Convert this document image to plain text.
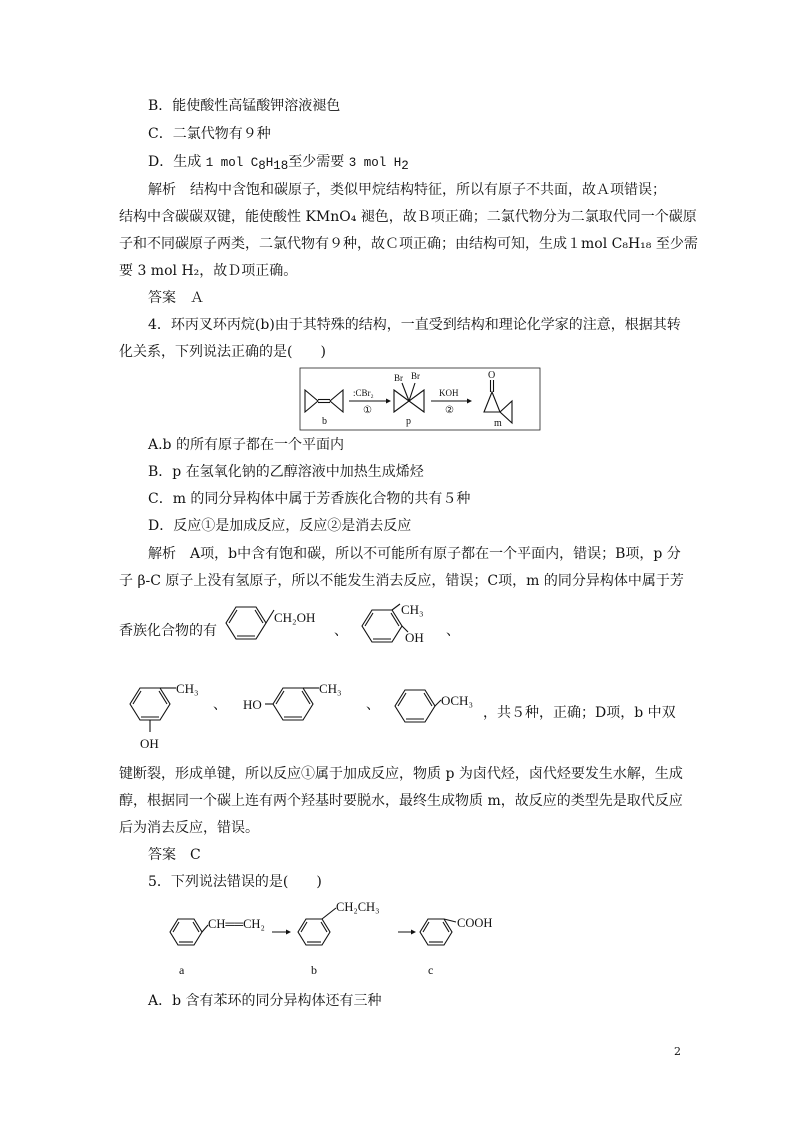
B．能使酸性高锰酸钾溶液褪色
C．二氯代物有９种
D．生成 1 mol C8H18至少需要 3 mol H2
解析　结构中含饱和碳原子，类似甲烷结构特征，所以有原子不共面，故Ａ项错误；
结构中含碳碳双键，能使酸性 KMnO₄ 褪色，故Ｂ项正确；二氯代物分为二氯取代同一个碳原
子和不同碳原子两类，二氯代物有９种，故Ｃ项正确；由结构可知，生成１mol C₈H₁₈ 至少需
要 3 mol H₂，故Ｄ项正确。
答案　Ａ
4．环丙叉环丙烷(b)由于其特殊的结构，一直受到结构和理论化学家的注意，根据其转
化关系，下列说法正确的是(　　)
b
:CBr₂
①
Br Br
p
KOH
②
O
m
A.b 的所有原子都在一个平面内
B．p 在氢氧化钠的乙醇溶液中加热生成烯烃
C．m 的同分异构体中属于芳香族化合物的共有５种
D．反应①是加成反应，反应②是消去反应
解析　A项，b中含有饱和碳，所以不可能所有原子都在一个平面内，错误；B项，p 分
子 β-C 原子上没有氢原子，所以不能发生消去反应，错误；C项，m 的同分异构体中属于芳
香族化合物的有
CH₂OH
、
CH₃
OH 、
CH₃
OH
、 HO
CH₃
、	OCH₃
，共５种，正确；D项，b 中双
键断裂，形成单键，所以反应①属于加成反应，物质 p 为卤代烃，卤代烃要发生水解，生成
醇，根据同一个碳上连有两个羟基时要脱水，最终生成物质 m，故反应的类型先是取代反应
后为消去反应，错误。
答案　C
5．下列说法错误的是(　　)
CH══CH₂
a
CH₂CH₃
b
COOH
c
A．b 含有苯环的同分异构体还有三种
2
